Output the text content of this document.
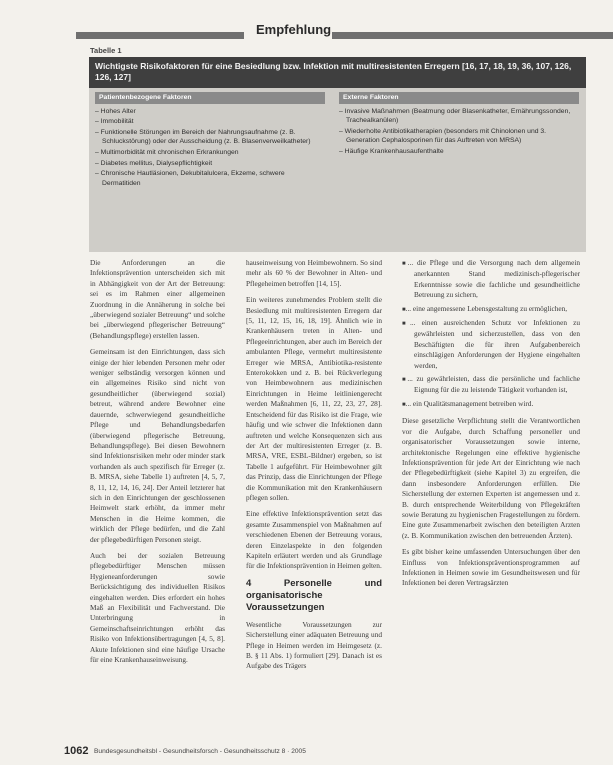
Empfehlung
Tabelle 1
Wichtigste Risikofaktoren für eine Besiedlung bzw. Infektion mit multiresistenten Erregern [16, 17, 18, 19, 36, 107, 126, 126, 127]
Patientenbezogene Faktoren
– Hohes Alter
– Immobilität
– Funktionelle Störungen im Bereich der Nahrungsaufnahme (z. B. Schluckstörung) oder der Ausscheidung (z. B. Blasenverweilkatheter)
– Multimorbidität mit chronischen Erkrankungen
– Diabetes mellitus, Dialysepflichtigkeit
– Chronische Hautläsionen, Dekubitalulcera, Ekzeme, schwere Dermatitiden
Externe Faktoren
– Invasive Maßnahmen (Beatmung oder Blasenkatheter, Ernährungssonden, Trachealkanülen)
– Wiederholte Antibiotikatherapien (besonders mit Chinolonen und 3. Generation Cephalosporinen für das Auftreten von MRSA)
– Häufige Krankenhausaufenthalte

Die Anforderungen an die Infektionsprävention unterscheiden sich mit in Abhängigkeit von der Art der Betreuung: sei es im Rahmen einer allgemeinen Zuordnung in die Annäherung in solche bei „überwiegend sozialer Betreuung“ und solche bei „überwiegend pflegerischer Betreuung“ (Behandlungspflege) erstellen lassen.

Gemeinsam ist den Einrichtungen, dass sich einige der hier lebenden Personen mehr oder weniger selbständig versorgen können und ein allgemeines Risiko sind nicht von gesundheitlicher (überwiegend sozial) betreut, während andere Bewohner eine dauernde, schwerwiegend gesundheitliche Pflege und Behandlungsbedarfen (überwiegend pflegerische Betreuung, Behandlungspflege). Bei diesen Bewohnern sind Infektionsrisiken mehr oder minder stark vorhanden als auch spezifisch für Erreger (z. B. MRSA, siehe Tabelle 1) auftreten [4, 5, 7, 8, 11, 12, 14, 16, 24]. Der Anteil letzterer hat sich in den Einrichtungen der geschlossenen Heimwelt stark erhöht, da immer mehr Menschen in die Heime kommen, die wirklich der Pflege bedürfen, und die Zahl der pflegebedürftigen Personen steigt.

Auch bei der sozialen Betreuung pflegebedürftiger Menschen müssen Hygieneanforderungen sowie Berücksichtigung des individuellen Risikos eingehalten werden. Dies erfordert ein hohes Maß an Flexibilität und Fachverstand. Die Unterbringung in Gemeinschaftseinrichtungen erhöht das Risiko von Infektionsübertragungen [4, 5, 8]. Akute Infektionen sind eine häufige Ursache für eine Krankenhauseinweisung.

hauseinweisung von Heimbewohnern. So sind mehr als 60 % der Bewohner in Alten- und Pflegeheimen betroffen [14, 15].

Ein weiteres zunehmendes Problem stellt die Besiedlung mit multiresistenten Erregern dar [5, 11, 12, 15, 16, 18, 19]. Ähnlich wie in Krankenhäusern treten in Alten- und Pflegeeinrichtungen, aber auch im Bereich der ambulanten Pflege, vermehrt multiresistente Erreger wie MRSA, Antibiotika-resistente Enterokokken und z. B. bei Rückverlegung von Heimbewohnern aus medizinischen Einrichtungen in Heime leitliniengerecht werden Maßnahmen [6, 11, 22, 23, 27, 28]. Entscheidend für das Risiko ist die Frage, wie häufig und wie schwer die Infektionen dann auftreten und welche Konsequenzen sich aus der Art der multiresistenten Erreger (z. B. MRSA, VRE, ESBL-Bildner) ergeben, so ist Tabelle 1 aufgeführt. Für Heimbewohner gilt das Prinzip, dass die Einrichtungen der Pflege die Kommunikation mit den Krankenhäusern pflegen sollen.

Eine effektive Infektionsprävention setzt das gesamte Zusammenspiel von Maßnahmen auf verschiedenen Ebenen der Betreuung voraus, deren Einzelaspekte in den folgenden Kapiteln erläutert werden und als Grundlage für die Infektionsprävention in Heimen gelten.

4 Personelle und organisatorische Voraussetzungen

Wesentliche Voraussetzungen zur Sicherstellung einer adäquaten Betreuung und Pflege in Heimen werden im Heimgesetz (z. B. § 11 Abs. 1) formuliert [29]. Danach ist es Aufgabe des Trägers

■ ... die Pflege und die Versorgung nach dem allgemein anerkannten Stand medizinisch-pflegerischer Erkenntnisse sowie die fachliche und gesundheitliche Betreuung zu sichern,
■ ... eine angemessene Lebensgestaltung zu ermöglichen,
■ ... einen ausreichenden Schutz vor Infektionen zu gewährleisten und sicherzustellen, dass von den Beschäftigten die für ihren Aufgabenbereich einschlägigen Anforderungen der Hygiene eingehalten werden,
■ ... zu gewährleisten, dass die persönliche und fachliche Eignung für die zu leistende Tätigkeit vorhanden ist,
■ ... ein Qualitätsmanagement betreiben wird.

Diese gesetzliche Verpflichtung stellt die Verantwortlichen vor die Aufgabe, durch Schaffung personeller und organisatorischer Voraussetzungen sowie interne, architektonische Regelungen eine effektive hygienische Infektionsprävention für jede Art der Einrichtung wie nach der Pflegebedürftigkeit (siehe Kapitel 3) zu ergreifen, die dann insbesondere Anforderungen erfüllen. Die Sicherstellung der externen Experten ist angemessen und z. B. durch entsprechende Weiterbildung von Pflegekräften sowie Beratung zu hygienischen Fragestellungen zu fördern. Eine gute Zusammenarbeit zwischen den beteiligten Arzten (z. B. Kommunikation zwischen den betreuenden Ärzten).

Es gibt bisher keine umfassenden Untersuchungen über den Einfluss von Infektionspräventionsprogrammen auf Infektionen in Heimen sowie im Gesundheitswesen und für Infektionen bei deren Vertragsärzten

1062 Bundesgesundheitsbl - Gesundheitsforsch - Gesundheitsschutz 8 · 2005
